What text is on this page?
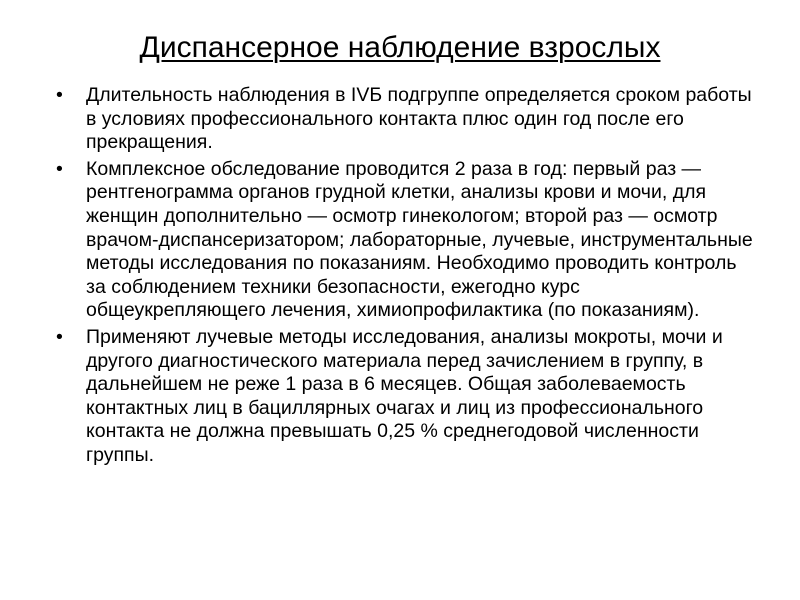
Диспансерное наблюдение взрослых
• Длительность наблюдения в IVБ подгруппе определяется сроком работы в условиях профессионального контакта плюс один год после его прекращения.
• Комплексное обследование проводится 2 раза в год: первый раз — рентгенограмма органов грудной клетки, анализы крови и мочи, для женщин дополнительно — осмотр гинекологом; второй раз — осмотр врачом-диспансеризатором; лабораторные, лучевые, инструментальные методы исследования по показаниям. Необходимо проводить контроль за соблюдением техники безопасности, ежегодно курс общеукрепляющего лечения, химиопрофилактика (по показаниям).
• Применяют лучевые методы исследования, анализы мокроты, мочи и другого диагностического материала перед зачислением в группу, в дальнейшем не реже 1 раза в 6 месяцев. Общая заболеваемость контактных лиц в бациллярных очагах и лиц из профессионального контакта не должна превышать 0,25 % среднегодовой численности группы.
